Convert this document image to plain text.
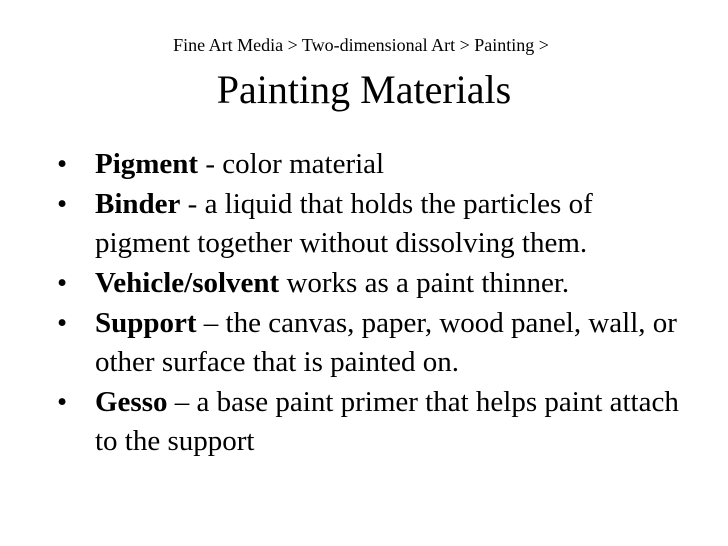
Fine Art Media > Two-dimensional Art > Painting >
Painting Materials
• Pigment - color material
• Binder - a liquid that holds the particles of pigment together without dissolving them.
• Vehicle/solvent works as a paint thinner.
• Support – the canvas, paper, wood panel, wall, or other surface that is painted on.
• Gesso – a base paint primer that helps paint attach to the support
